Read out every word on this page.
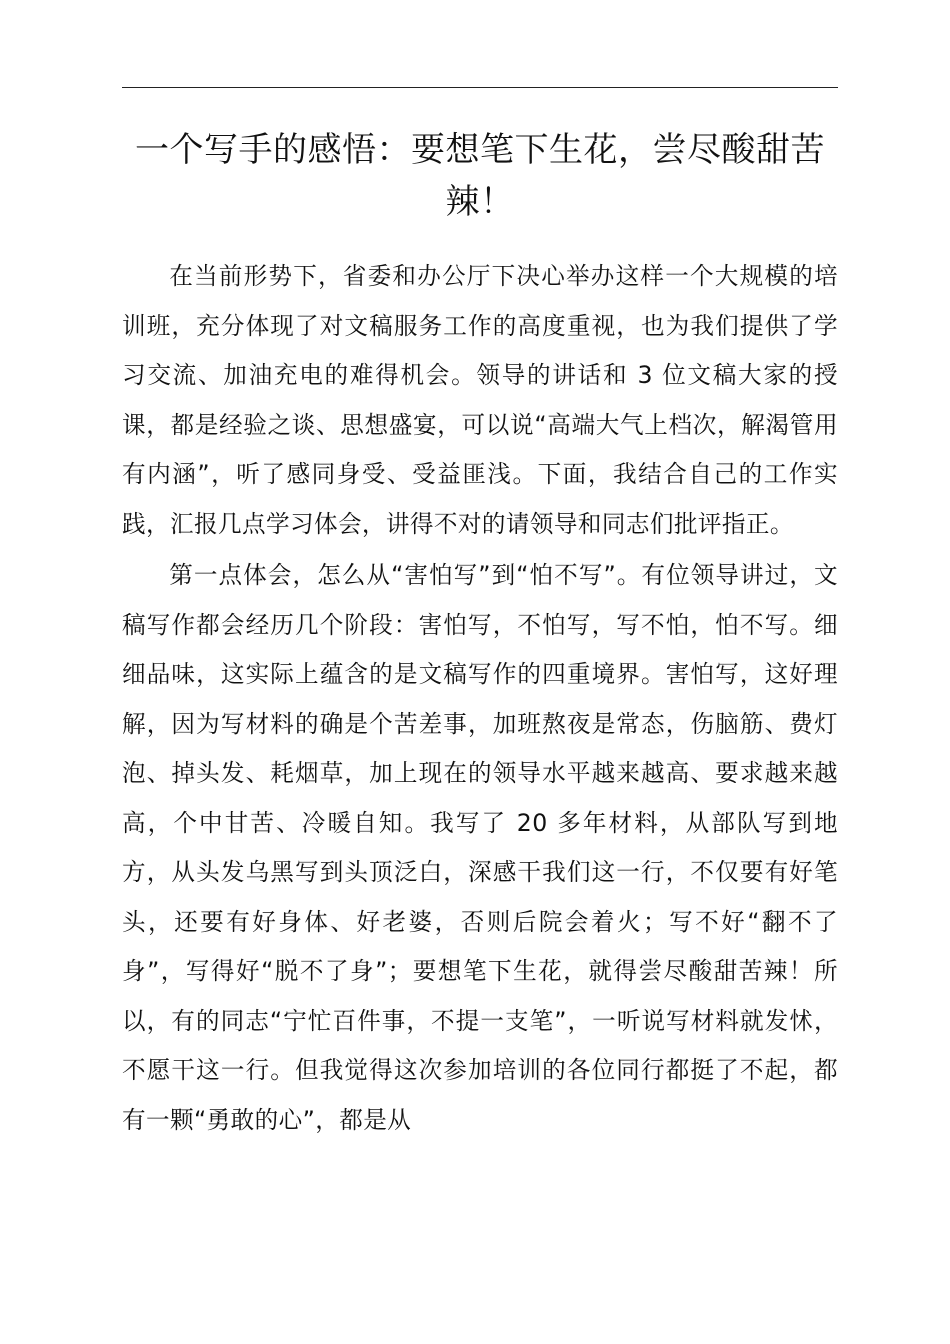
一个写手的感悟：要想笔下生花，尝尽酸甜苦辣！

在当前形势下，省委和办公厅下决心举办这样一个大规模的培训班，充分体现了对文稿服务工作的高度重视，也为我们提供了学习交流、加油充电的难得机会。领导的讲话和 3 位文稿大家的授课，都是经验之谈、思想盛宴，可以说“高端大气上档次，解渴管用有内涵”，听了感同身受、受益匪浅。下面，我结合自己的工作实践，汇报几点学习体会，讲得不对的请领导和同志们批评指正。

第一点体会，怎么从“害怕写”到“怕不写”。有位领导讲过，文稿写作都会经历几个阶段：害怕写，不怕写，写不怕，怕不写。细细品味，这实际上蕴含的是文稿写作的四重境界。害怕写，这好理解，因为写材料的确是个苦差事，加班熬夜是常态，伤脑筋、费灯泡、掉头发、耗烟草，加上现在的领导水平越来越高、要求越来越高，个中甘苦、冷暖自知。我写了 20 多年材料，从部队写到地方，从头发乌黑写到头顶泛白，深感干我们这一行，不仅要有好笔头，还要有好身体、好老婆，否则后院会着火；写不好“翻不了身”，写得好“脱不了身”；要想笔下生花，就得尝尽酸甜苦辣！所以，有的同志“宁忙百件事，不提一支笔”，一听说写材料就发怵，不愿干这一行。但我觉得这次参加培训的各位同行都挺了不起，都有一颗“勇敢的心”，都是从
